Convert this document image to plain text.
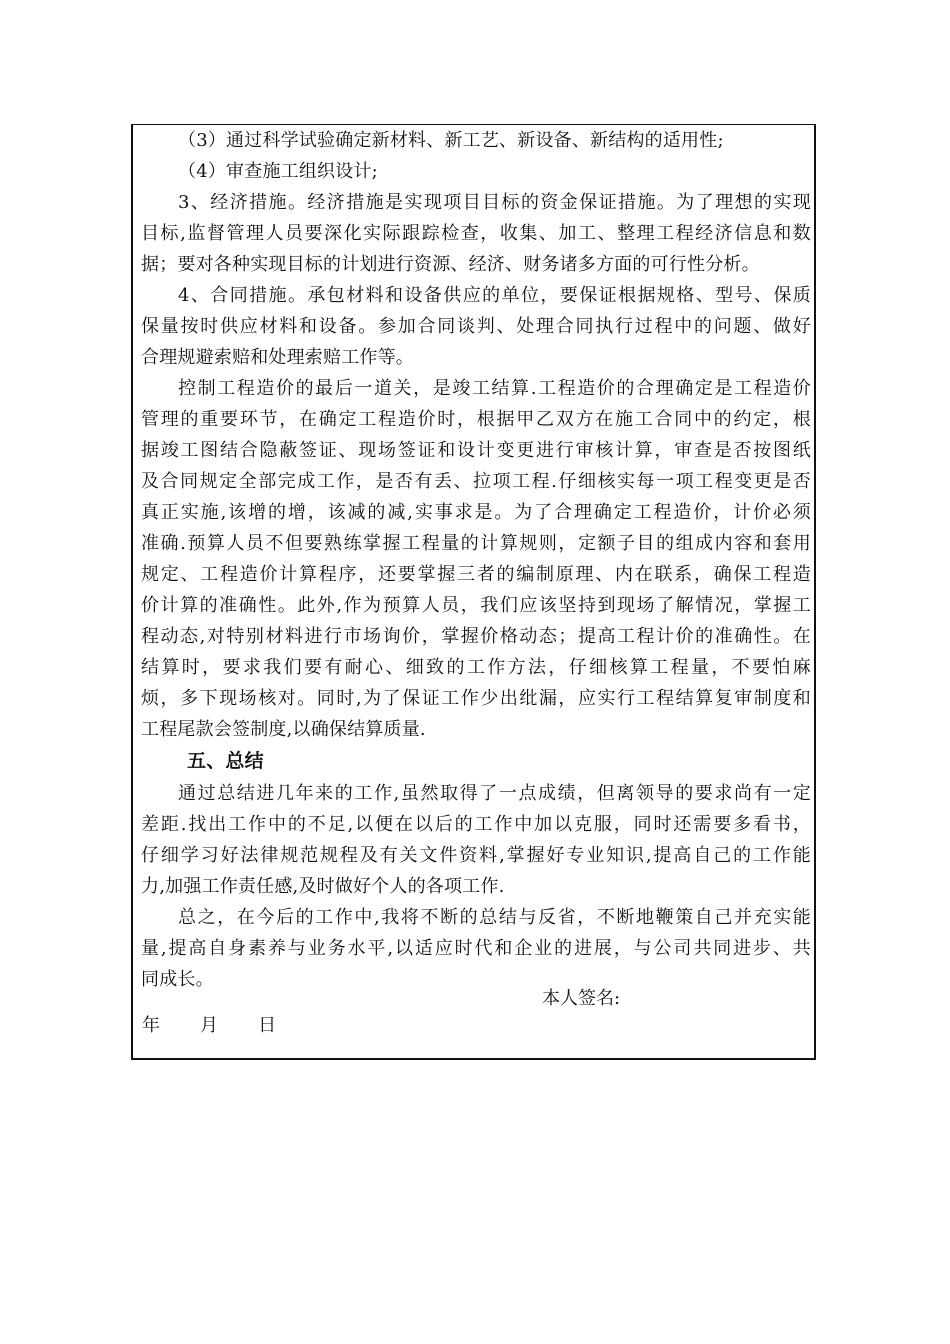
（3）通过科学试验确定新材料、新工艺、新设备、新结构的适用性;
（4）审查施工组织设计;
3、经济措施。经济措施是实现项目目标的资金保证措施。为了理想的实现
目标,监督管理人员要深化实际跟踪检查，收集、加工、整理工程经济信息和数
据；要对各种实现目标的计划进行资源、经济、财务诸多方面的可行性分析。
4、合同措施。承包材料和设备供应的单位，要保证根据规格、型号、保质
保量按时供应材料和设备。参加合同谈判、处理合同执行过程中的问题、做好
合理规避索赔和处理索赔工作等。
控制工程造价的最后一道关，是竣工结算.工程造价的合理确定是工程造价
管理的重要环节，在确定工程造价时，根据甲乙双方在施工合同中的约定，根
据竣工图结合隐蔽签证、现场签证和设计变更进行审核计算，审查是否按图纸
及合同规定全部完成工作，是否有丢、拉项工程.仔细核实每一项工程变更是否
真正实施,该增的增，该减的减,实事求是。为了合理确定工程造价，计价必须
准确.预算人员不但要熟练掌握工程量的计算规则，定额子目的组成内容和套用
规定、工程造价计算程序，还要掌握三者的编制原理、内在联系，确保工程造
价计算的准确性。此外,作为预算人员，我们应该坚持到现场了解情况，掌握工
程动态,对特别材料进行市场询价，掌握价格动态；提高工程计价的准确性。在
结算时，要求我们要有耐心、细致的工作方法，仔细核算工程量，不要怕麻
烦，多下现场核对。同时,为了保证工作少出纰漏，应实行工程结算复审制度和
工程尾款会签制度,以确保结算质量.
五、总结
通过总结进几年来的工作,虽然取得了一点成绩，但离领导的要求尚有一定
差距.找出工作中的不足,以便在以后的工作中加以克服，同时还需要多看书，
仔细学习好法律规范规程及有关文件资料,掌握好专业知识,提高自己的工作能
力,加强工作责任感,及时做好个人的各项工作.
总之，在今后的工作中,我将不断的总结与反省，不断地鞭策自己并充实能
量,提高自身素养与业务水平,以适应时代和企业的进展，与公司共同进步、共
同成长。
本人签名:
年       月       日
